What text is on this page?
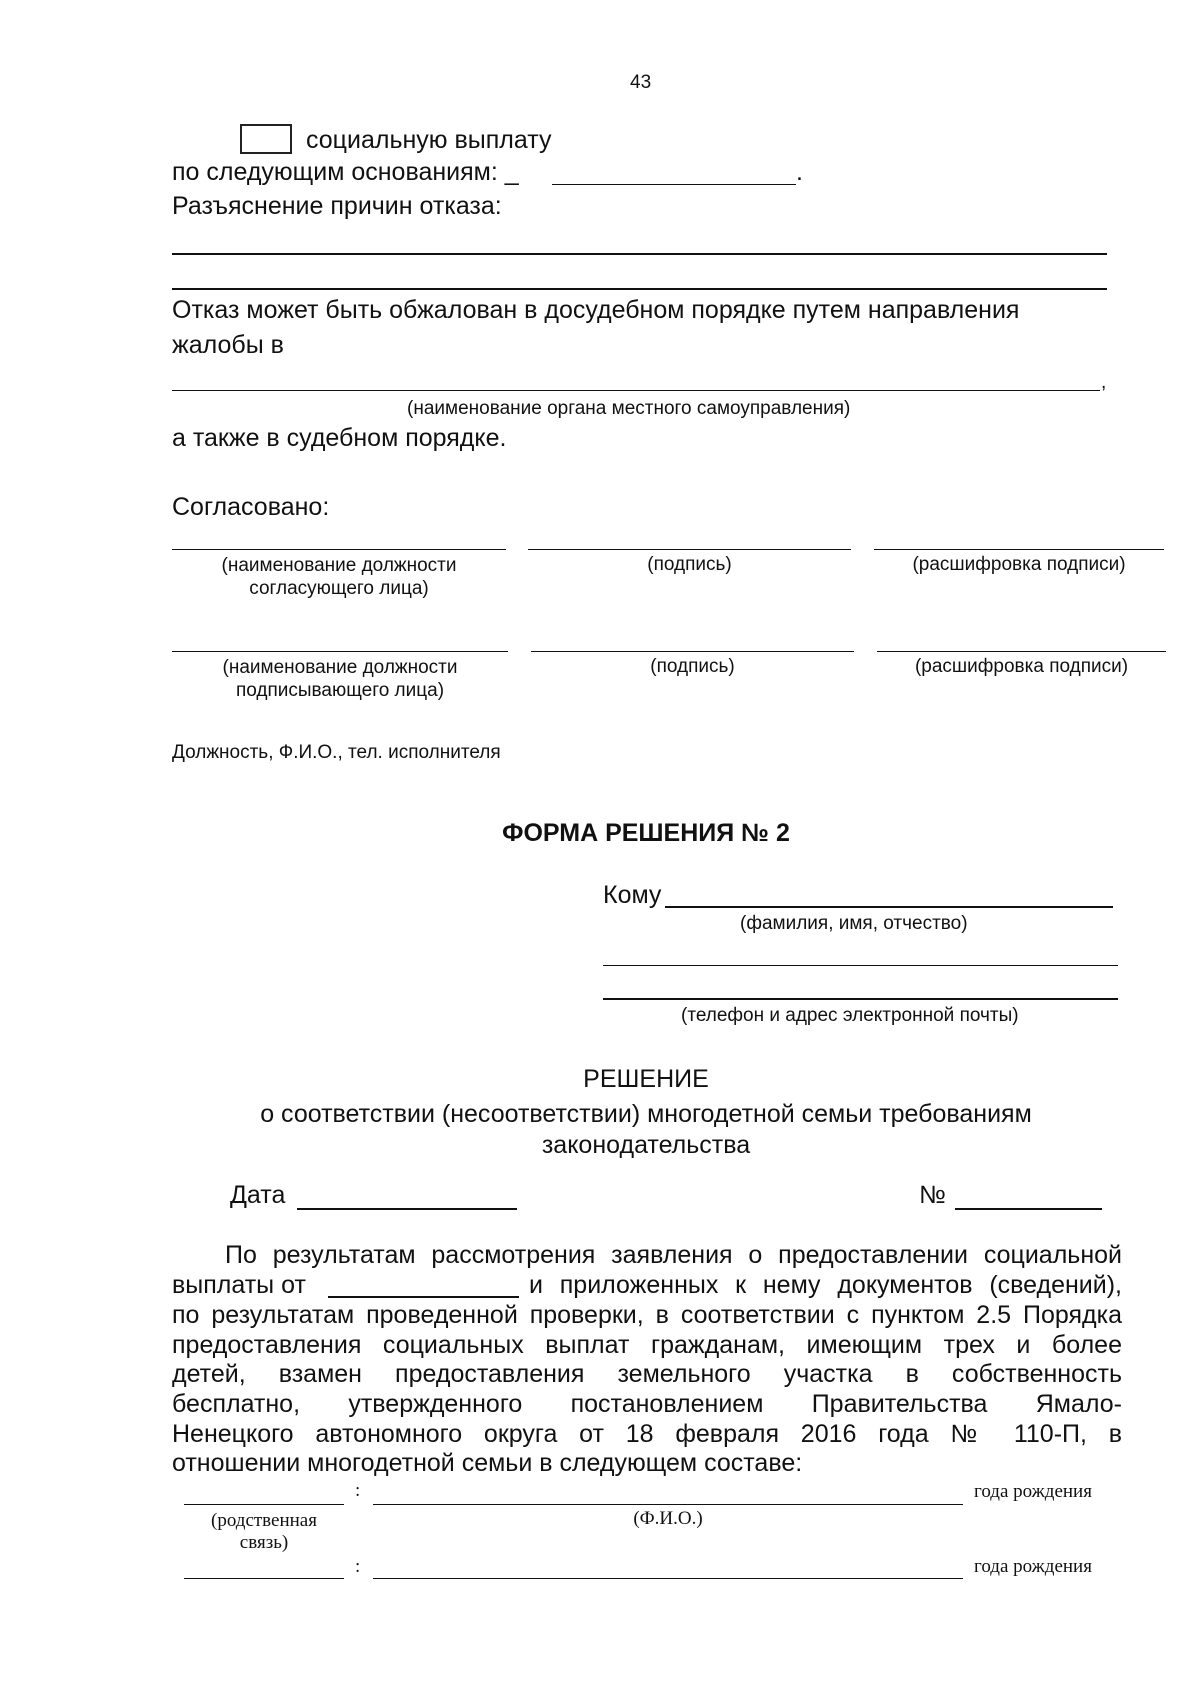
43
социальную выплату
по следующим основаниям: _	.
Разъяснение причин отказа:
Отказ может быть обжалован в досудебном порядке путем направления
жалобы в
,
(наименование органа местного самоуправления)
а также в судебном порядке.
Согласовано:
(наименование должности
согласующего лица)
(подпись)	(расшифровка подписи)
(наименование должности
подписывающего лица)
(подпись)	(расшифровка подписи)
Должность, Ф.И.О., тел. исполнителя
ФОРМА РЕШЕНИЯ № 2
Кому
(фамилия, имя, отчество)
(телефон и адрес электронной почты)
РЕШЕНИЕ
о соответствии (несоответствии) многодетной семьи требованиям
законодательства
Дата	№
По результатам рассмотрения заявления о предоставлении социальной
выплаты от	и приложенных к нему документов (сведений),
по результатам проведенной проверки, в соответствии с пунктом 2.5 Порядка
предоставления социальных выплат гражданам, имеющим трех и более
детей, взамен предоставления земельного участка в собственность
бесплатно, утвержденного постановлением Правительства Ямало-
Ненецкого автономного округа от 18 февраля 2016 года № 110-П, в
отношении многодетной семьи в следующем составе:
:	года рождения
(родственная
связь)
(Ф.И.О.)
:	года рождения
